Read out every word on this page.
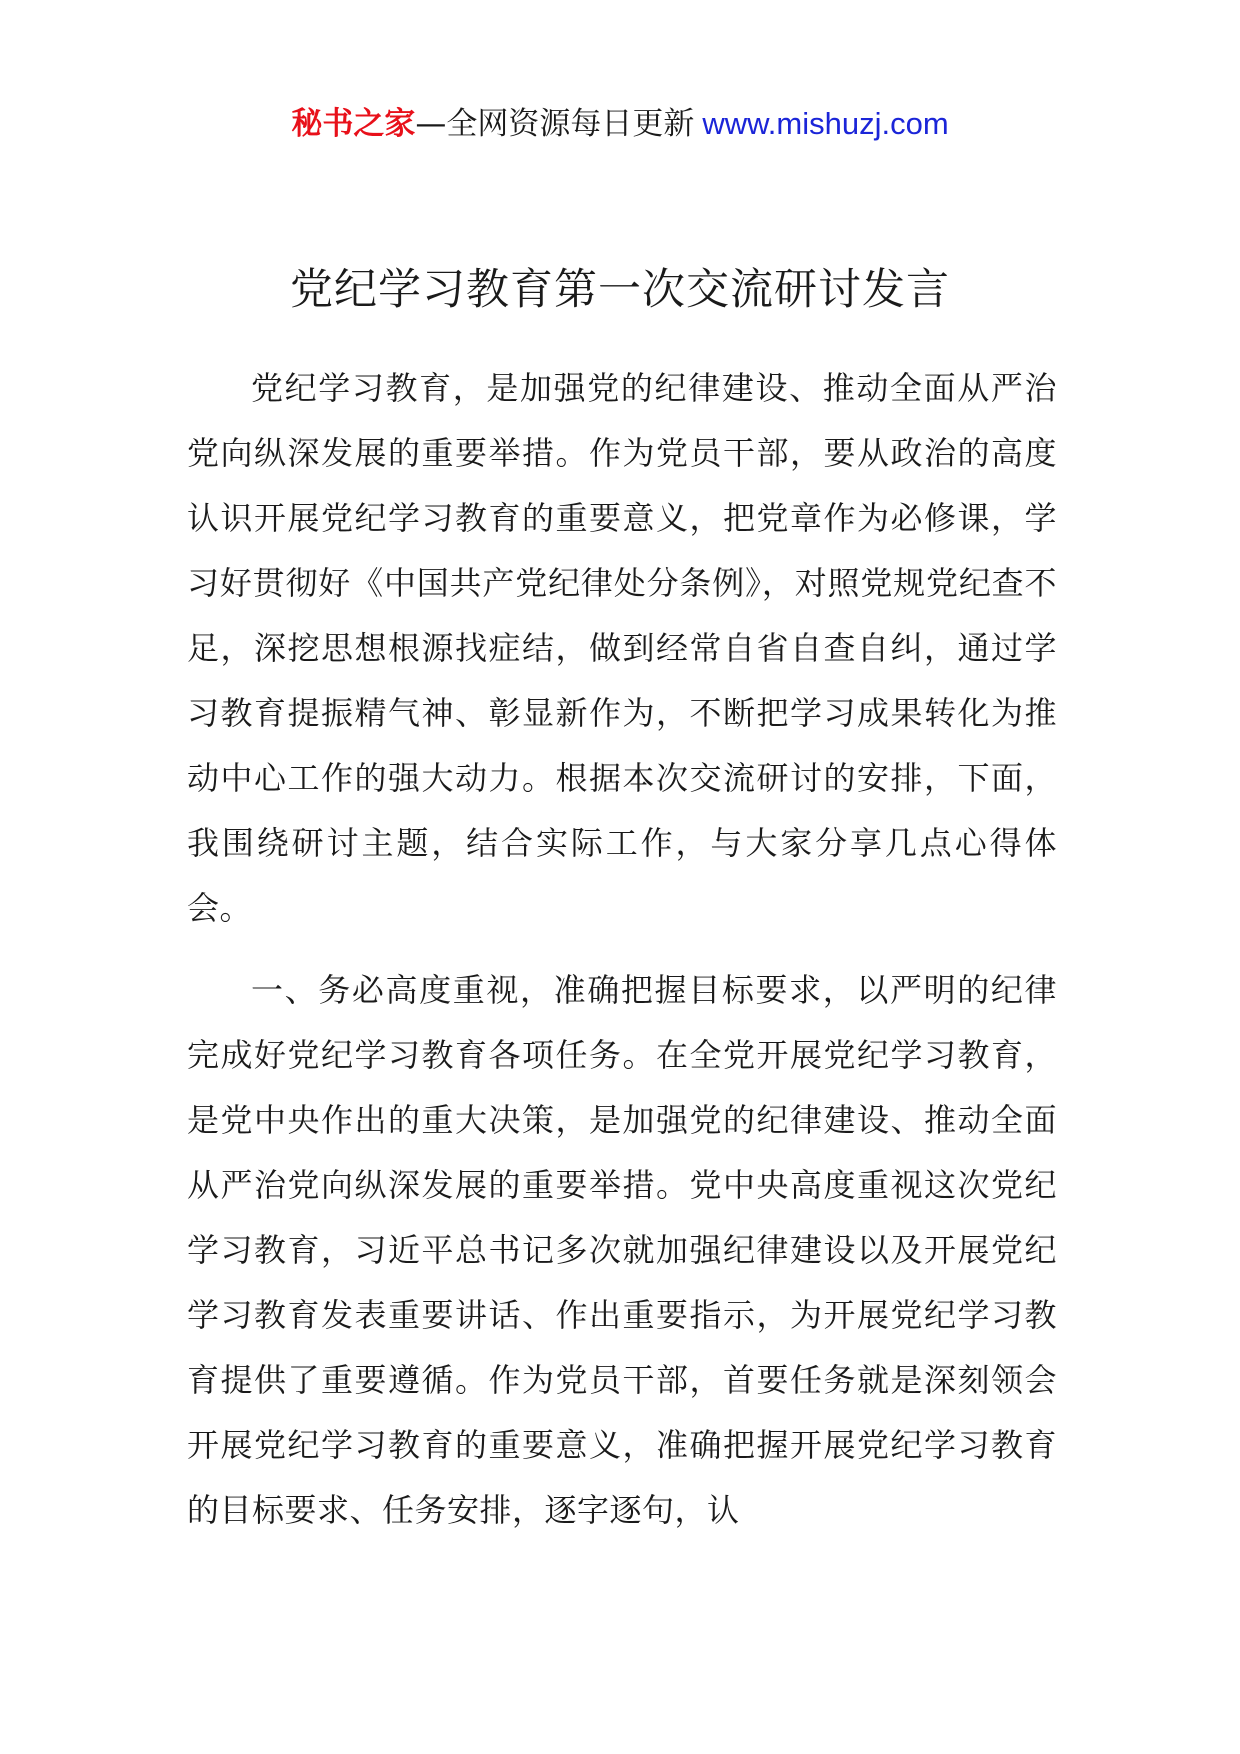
秘书之家—全网资源每日更新 www.mishuzj.com
党纪学习教育第一次交流研讨发言

党纪学习教育，是加强党的纪律建设、推动全面从严治党向纵深发展的重要举措。作为党员干部，要从政治的高度认识开展党纪学习教育的重要意义，把党章作为必修课，学习好贯彻好《中国共产党纪律处分条例》，对照党规党纪查不足，深挖思想根源找症结，做到经常自省自查自纠，通过学习教育提振精气神、彰显新作为，不断把学习成果转化为推动中心工作的强大动力。根据本次交流研讨的安排，下面，我围绕研讨主题，结合实际工作，与大家分享几点心得体会。

一、务必高度重视，准确把握目标要求，以严明的纪律完成好党纪学习教育各项任务。在全党开展党纪学习教育，是党中央作出的重大决策，是加强党的纪律建设、推动全面从严治党向纵深发展的重要举措。党中央高度重视这次党纪学习教育，习近平总书记多次就加强纪律建设以及开展党纪学习教育发表重要讲话、作出重要指示，为开展党纪学习教育提供了重要遵循。作为党员干部，首要任务就是深刻领会开展党纪学习教育的重要意义，准确把握开展党纪学习教育的目标要求、任务安排，逐字逐句，认
